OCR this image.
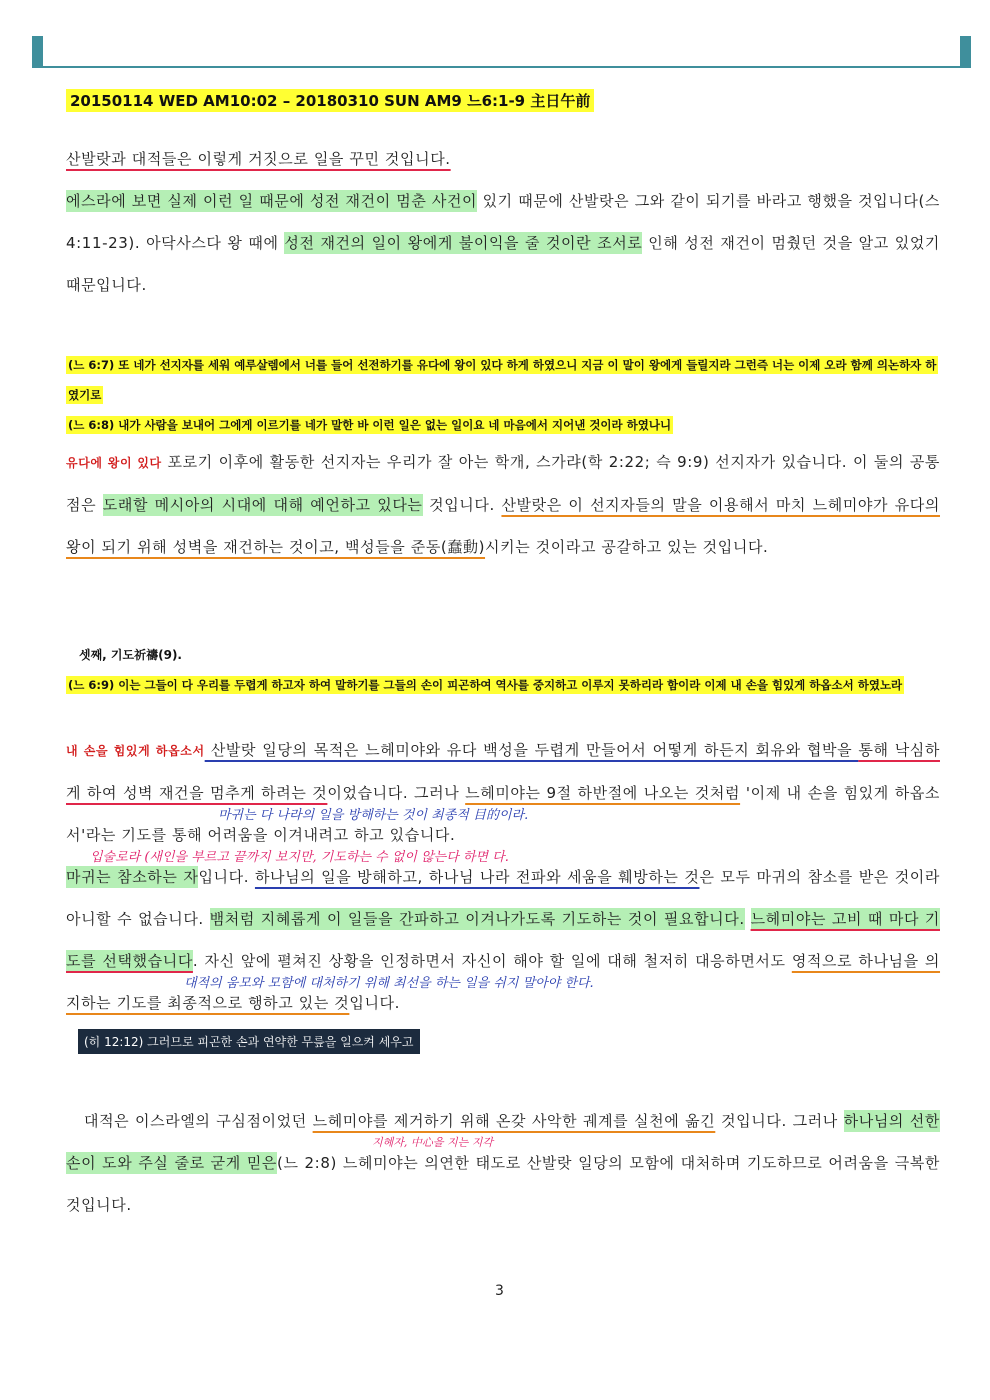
20150114 WED AM10:02 – 20180310 SUN AM9 느6:1-9 主日午前
산발랏과 대적들은 이렇게 거짓으로 일을 꾸민 것입니다.
에스라에 보면 실제 이런 일 때문에 성전 재건이 멈춘 사건이 있기 때문에 산발랏은 그와 같이 되기를 바라고 행했을 것입니다(스 4:11-23). 아닥사스다 왕 때에 성전 재건의 일이 왕에게 불이익을 줄 것이란 조서로 인해 성전 재건이 멈췄던 것을 알고 있었기 때문입니다.
(느 6:7) 또 네가 선지자를 세워 예루살렘에서 너를 들어 선전하기를 유다에 왕이 있다 하게 하였으니 지금 이 말이 왕에게 들릴지라 그런즉 너는 이제 오라 함께 의논하자 하였기로
(느 6:8) 내가 사람을 보내어 그에게 이르기를 네가 말한 바 이런 일은 없는 일이요 네 마음에서 지어낸 것이라 하였나니
유다에 왕이 있다 포로기 이후에 활동한 선지자는 우리가 잘 아는 학개, 스가랴(학 2:22; 슥 9:9) 선지자가 있습니다. 이 둘의 공통점은 도래할 메시아의 시대에 대해 예언하고 있다는 것입니다. 산발랏은 이 선지자들의 말을 이용해서 마치 느헤미야가 유다의 왕이 되기 위해 성벽을 재건하는 것이고, 백성들을 준동(蠢動)시키는 것이라고 공갈하고 있는 것입니다.
셋째, 기도祈禱(9).
(느 6:9) 이는 그들이 다 우리를 두렵게 하고자 하여 말하기를 그들의 손이 피곤하여 역사를 중지하고 이루지 못하리라 함이라 이제 내 손을 힘있게 하옵소서 하였노라
내 손을 힘있게 하옵소서 산발랏 일당의 목적은 느헤미야와 유다 백성을 두렵게 만들어서 어떻게 하든지 회유와 협박을 통해 낙심하게 하여 성벽 재건을 멈추게 하려는 것이었습니다. 그러나 느헤미야는 9절 하반절에 나오는 것처럼 '이제 내 손을 힘있게 하옵소서'라는 기도를 통해 어려움을 이겨내려고 하고 있습니다.
마귀는 참소하는 자입니다. 하나님의 일을 방해하고, 하나님 나라 전파와 세움을 훼방하는 것은 모두 마귀의 참소를 받은 것이라 아니할 수 없습니다. 뱀처럼 지혜롭게 이 일들을 간파하고 이겨나가도록 기도하는 것이 필요합니다. 느헤미야는 고비 때 마다 기도를 선택했습니다. 자신 앞에 펼쳐진 상황을 인정하면서 자신이 해야 할 일에 대해 철저히 대응하면서도 영적으로 하나님을 의지하는 기도를 최종적으로 행하고 있는 것입니다.
(히 12:12) 그러므로 피곤한 손과 연약한 무릎을 일으켜 세우고
대적은 이스라엘의 구심점이었던 느헤미야를 제거하기 위해 온갖 사악한 궤계를 실천에 옮긴 것입니다. 그러나 하나님의 선한 손이 도와 주실 줄로 굳게 믿은(느 2:8) 느헤미야는 의연한 태도로 산발랏 일당의 모함에 대처하며 기도하므로 어려움을 극복한 것입니다.
마귀는 다 나라의 일을 방해하는 것이 최종적 目的이라.
입술로라 (새인을 부르고 끝까지 보지만, 기도하는 수 없이 않는다 하면 다.
대적의 움모와 모함에 대처하기 위해 최선을 하는 일을 쉬지 말아야 한다.
지혜자, 中心을 지는 지각
3
